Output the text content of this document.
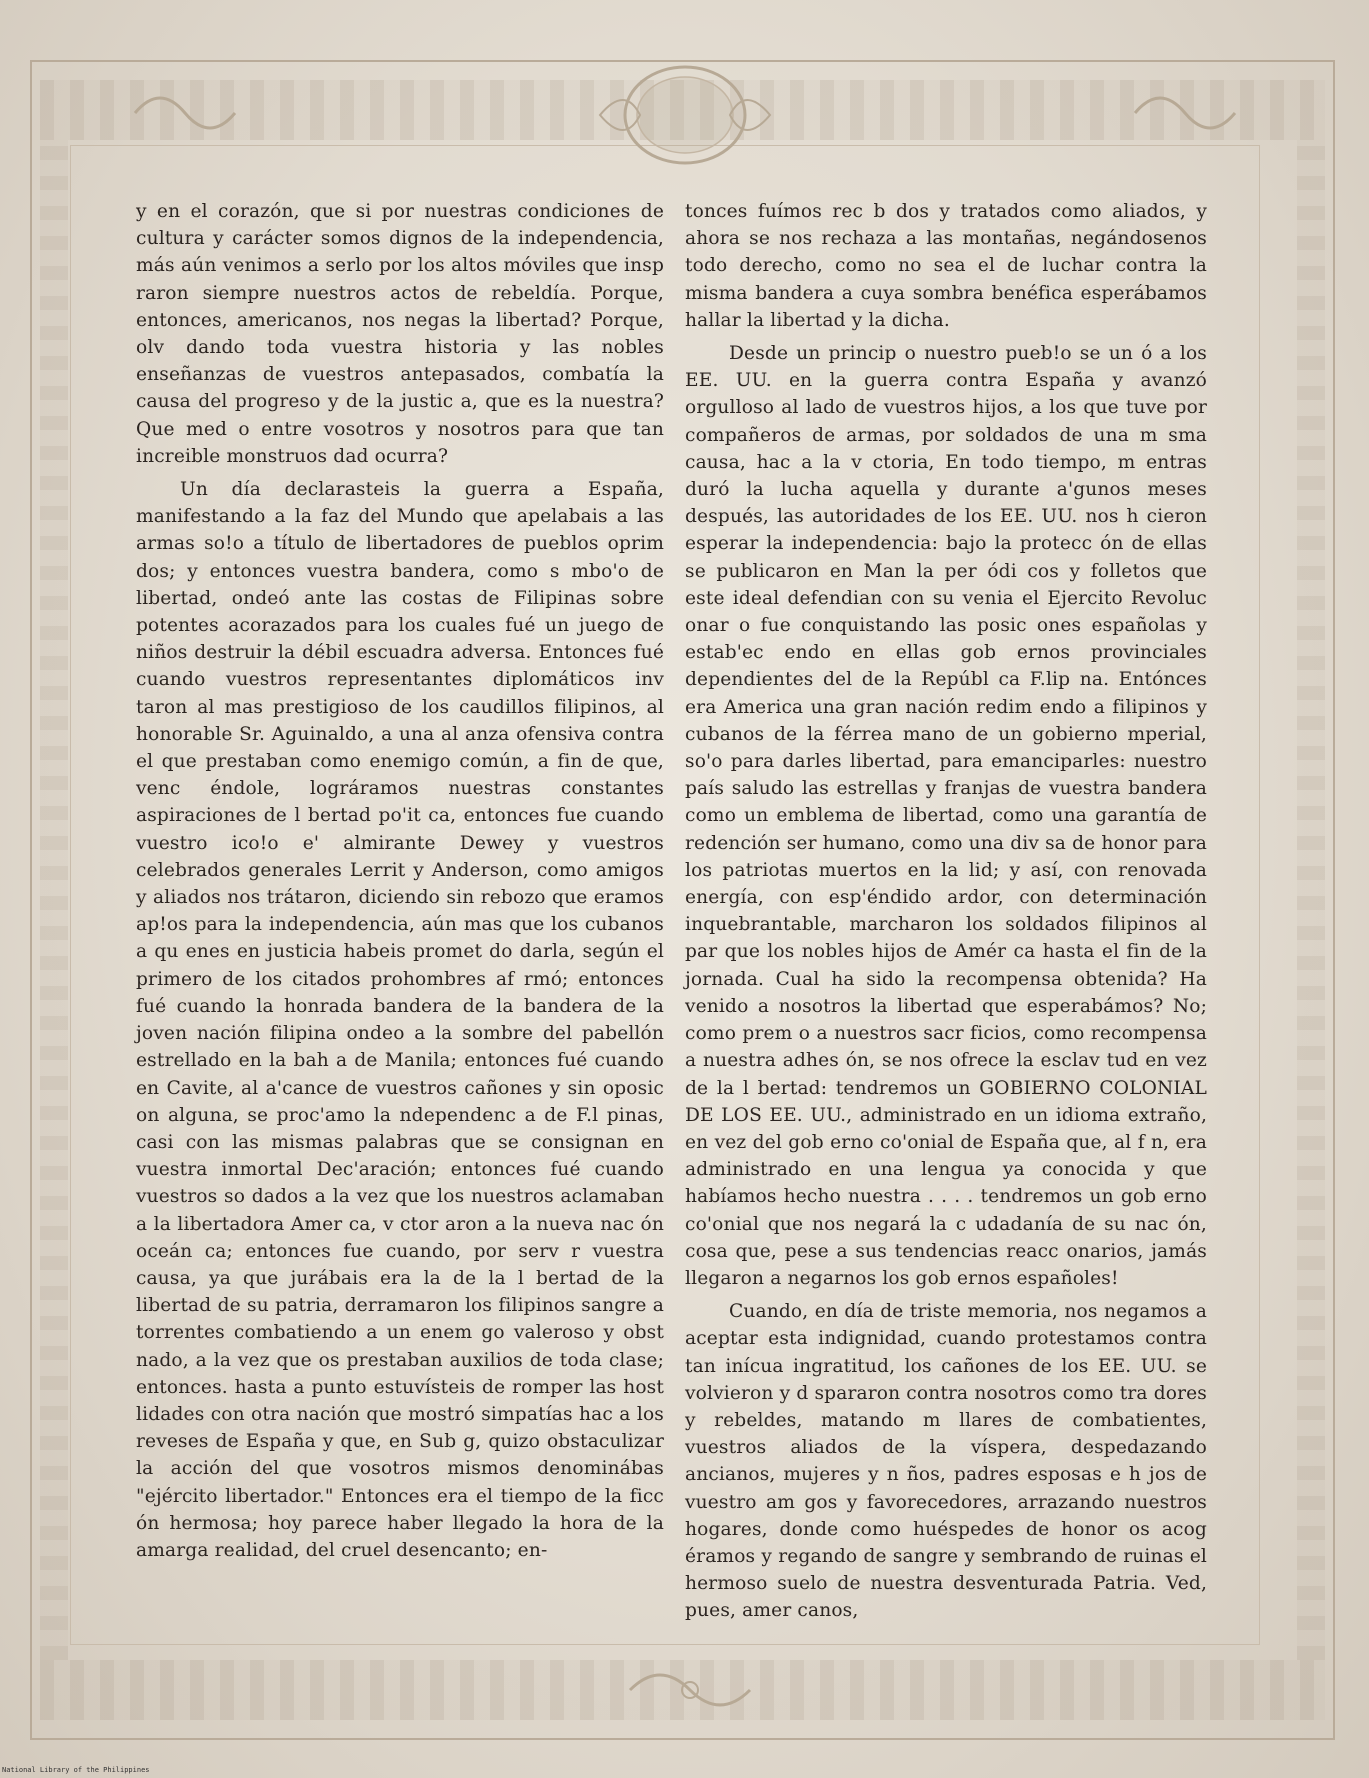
y en el corazón, que si por nuestras condiciones de cultura y carácter somos dignos de la independencia, más aún venimos a serlo por los altos móviles que insp raron siempre nuestros actos de rebeldía. Porque, entonces, americanos, nos negas la libertad? Porque, olv dando toda vuestra historia y las nobles enseñanzas de vuestros antepasados, combatía la causa del progreso y de la justic a, que es la nuestra? Que med o entre vosotros y nosotros para que tan increible monstruos dad ocurra?

Un día declarasteis la guerra a España, manifestando a la faz del Mundo que apelabais a las armas so!o a título de libertadores de pueblos oprim dos; y entonces vuestra bandera, como s mbo'o de libertad, ondeó ante las costas de Filipinas sobre potentes acorazados para los cuales fué un juego de niños destruir la débil escuadra adversa. Entonces fué cuando vuestros representantes diplomáticos inv taron al mas prestigioso de los caudillos filipinos, al honorable Sr. Aguinaldo, a una al anza ofensiva contra el que prestaban como enemigo común, a fin de que, venc éndole, lográramos nuestras constantes aspiraciones de l bertad po'it ca, entonces fue cuando vuestro ico!o e' almirante Dewey y vuestros celebrados generales Lerrit y Anderson, como amigos y aliados nos trátaron, diciendo sin rebozo que eramos ap!os para la independencia, aún mas que los cubanos a qu enes en justicia habeis promet do darla, según el primero de los citados prohombres af rmó; entonces fué cuando la honrada bandera de la bandera de la joven nación filipina ondeo a la sombre del pabellón estrellado en la bah a de Manila; entonces fué cuando en Cavite, al a'cance de vuestros cañones y sin oposic on alguna, se proc'amo la ndependenc a de F.l pinas, casi con las mismas palabras que se consignan en vuestra inmortal Dec'aración; entonces fué cuando vuestros so dados a la vez que los nuestros aclamaban a la libertadora Amer ca, v ctor aron a la nueva nac ón oceán ca; entonces fue cuando, por serv r vuestra causa, ya que jurábais era la de la l bertad de la libertad de su patria, derramaron los filipinos sangre a torrentes combatiendo a un enem go valeroso y obst nado, a la vez que os prestaban auxilios de toda clase; entonces. hasta a punto estuvísteis de romper las host lidades con otra nación que mostró simpatías hac a los reveses de España y que, en Sub g, quizo obstaculizar la acción del que vosotros mismos denominábas "ejército libertador." Entonces era el tiempo de la ficc ón hermosa; hoy parece haber llegado la hora de la amarga realidad, del cruel desencanto; en-

tonces fuímos rec b dos y tratados como aliados, y ahora se nos rechaza a las montañas, negándosenos todo derecho, como no sea el de luchar contra la misma bandera a cuya sombra benéfica esperábamos hallar la libertad y la dicha.

Desde un princip o nuestro pueb!o se un ó a los EE. UU. en la guerra contra España y avanzó orgulloso al lado de vuestros hijos, a los que tuve por compañeros de armas, por soldados de una m sma causa, hac a la v ctoria, En todo tiempo, m entras duró la lucha aquella y durante a'gunos meses después, las autoridades de los EE. UU. nos h cieron esperar la independencia: bajo la protecc ón de ellas se publicaron en Man la per ódi cos y folletos que este ideal defendian con su venia el Ejercito Revoluc onar o fue conquistando las posic ones españolas y estab'ec endo en ellas gob ernos provinciales dependientes del de la Repúbl ca F.lip na. Entónces era America una gran nación redim endo a filipinos y cubanos de la férrea mano de un gobierno mperial, so'o para darles libertad, para emanciparles: nuestro país saludo las estrellas y franjas de vuestra bandera como un emblema de libertad, como una garantía de redención ser humano, como una div sa de honor para los patriotas muertos en la lid; y así, con renovada energía, con esp'éndido ardor, con determinación inquebrantable, marcharon los soldados filipinos al par que los nobles hijos de Amér ca hasta el fin de la jornada. Cual ha sido la recompensa obtenida? Ha venido a nosotros la libertad que esperabámos? No; como prem o a nuestros sacr ficios, como recompensa a nuestra adhes ón, se nos ofrece la esclav tud en vez de la l bertad: tendremos un GOBIERNO COLONIAL DE LOS EE. UU., administrado en un idioma extraño, en vez del gob erno co'onial de España que, al f n, era administrado en una lengua ya conocida y que habíamos hecho nuestra . . . . tendremos un gob erno co'onial que nos negará la c udadanía de su nac ón, cosa que, pese a sus tendencias reacc onarios, jamás llegaron a negarnos los gob ernos españoles!

Cuando, en día de triste memoria, nos negamos a aceptar esta indignidad, cuando protestamos contra tan inícua ingratitud, los cañones de los EE. UU. se volvieron y d spararon contra nosotros como tra dores y rebeldes, matando m llares de combatientes, vuestros aliados de la víspera, despedazando ancianos, mujeres y n ños, padres esposas e h jos de vuestro am gos y favorecedores, arrazando nuestros hogares, donde como huéspedes de honor os acog éramos y regando de sangre y sembrando de ruinas el hermoso suelo de nuestra desventurada Patria. Ved, pues, amer canos,

National Library of the Philippines
